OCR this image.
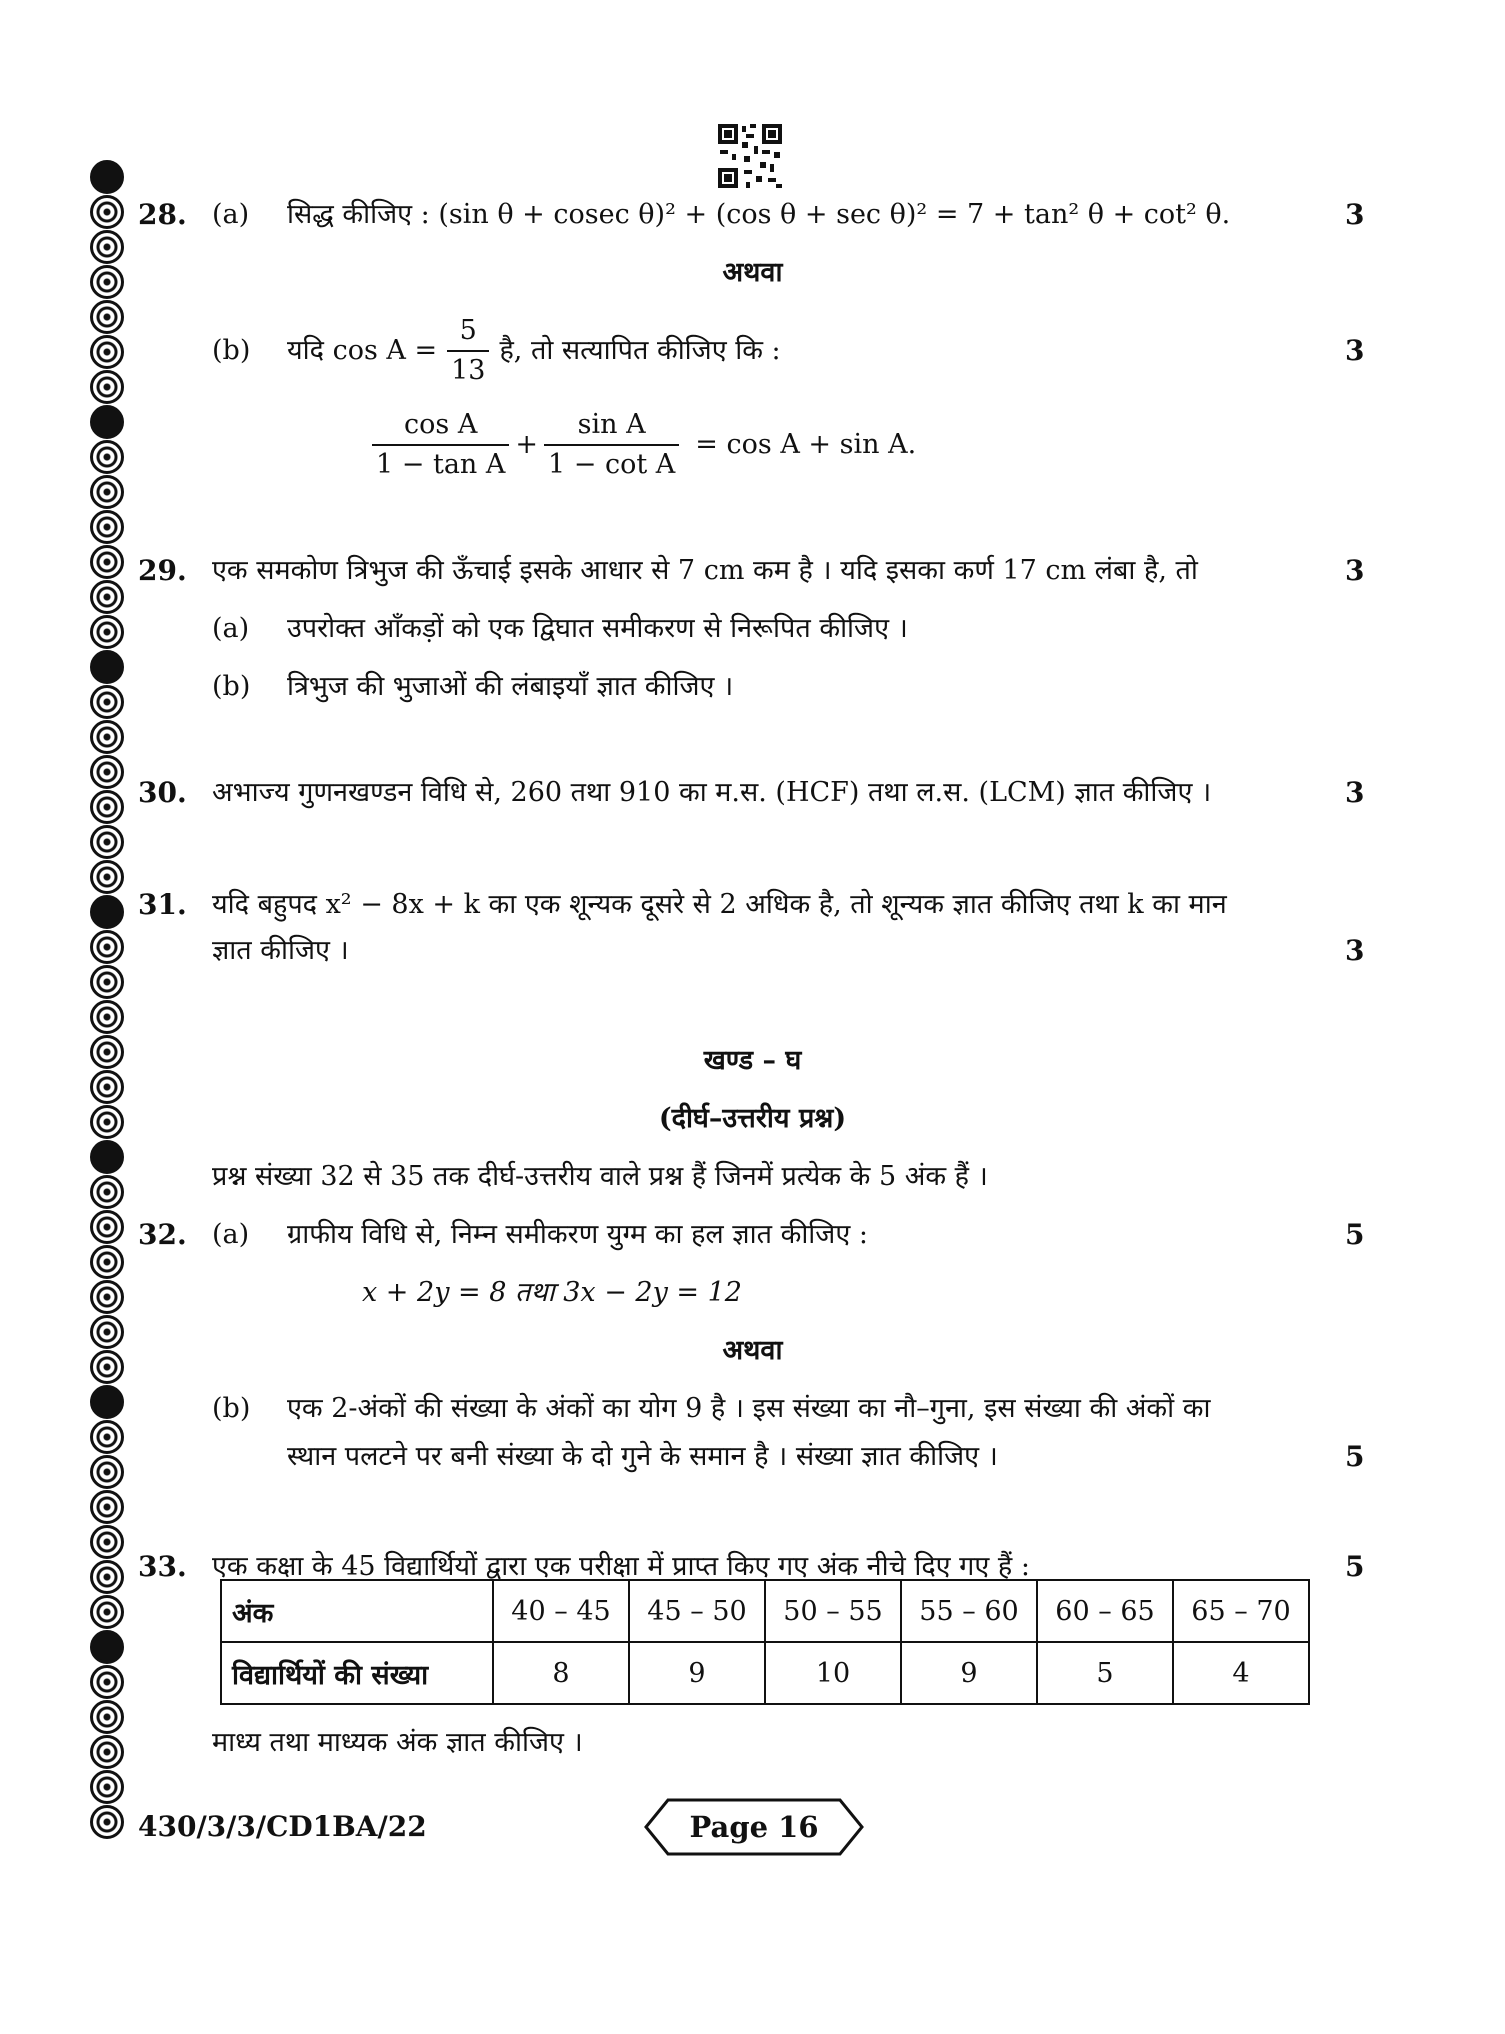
28. (a) सिद्ध कीजिए : (sin θ + cosec θ)² + (cos θ + sec θ)² = 7 + tan² θ + cot² θ.	3
अथवा
(b) यदि $\cos A = \frac{5}{13}$ है, तो सत्यापित कीजिए कि :	3
$\frac{\text{cos A}}{\text{1 − tan A}} + \frac{\text{sin A}}{\text{1 − cot A}} = \cos A + \sin A$.
29. एक समकोण त्रिभुज की ऊँचाई इसके आधार से 7 cm कम है । यदि इसका कर्ण 17 cm लंबा है, तो	3
(a) उपरोक्त आँकड़ों को एक द्विघात समीकरण से निरूपित कीजिए ।
(b) त्रिभुज की भुजाओं की लंबाइयाँ ज्ञात कीजिए ।
30. अभाज्य गुणनखण्डन विधि से, 260 तथा 910 का म.स. (HCF) तथा ल.स. (LCM) ज्ञात कीजिए ।	3
31. यदि बहुपद x² − 8x + k का एक शून्यक दूसरे से 2 अधिक है, तो शून्यक ज्ञात कीजिए तथा k का मान
ज्ञात कीजिए ।	3
खण्ड – घ
(दीर्घ–उत्तरीय प्रश्न)
प्रश्न संख्या 32 से 35 तक दीर्घ-उत्तरीय वाले प्रश्न हैं जिनमें प्रत्येक के 5 अंक हैं ।
32. (a) ग्राफीय विधि से, निम्न समीकरण युग्म का हल ज्ञात कीजिए :	5
x + 2y = 8 तथा 3x − 2y = 12
अथवा
(b) एक 2-अंकों की संख्या के अंकों का योग 9 है । इस संख्या का नौ–गुना, इस संख्या की अंकों का
स्थान पलटने पर बनी संख्या के दो गुने के समान है । संख्या ज्ञात कीजिए ।	5
33. एक कक्षा के 45 विद्यार्थियों द्वारा एक परीक्षा में प्राप्त किए गए अंक नीचे दिए गए हैं :	5
अंक	40 – 45	45 – 50	50 – 55	55 – 60	60 – 65	65 – 70
विद्यार्थियों की संख्या	8	9	10	9	5	4
माध्य तथा माध्यक अंक ज्ञात कीजिए ।
430/3/3/CD1BA/22	Page 16
